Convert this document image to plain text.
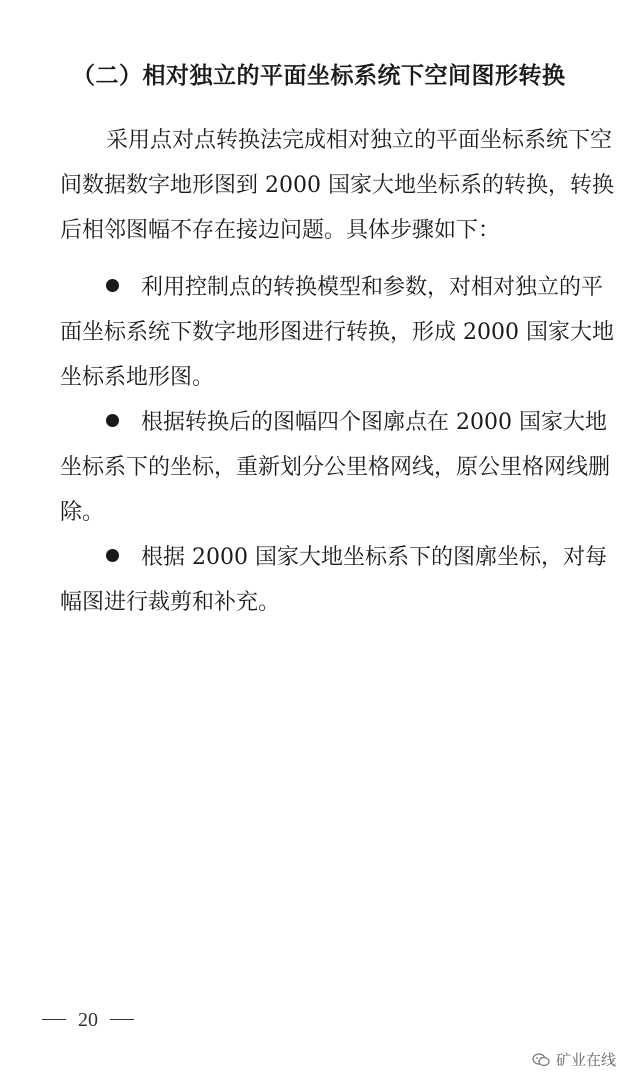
（二）相对独立的平面坐标系统下空间图形转换
采用点对点转换法完成相对独立的平面坐标系统下空间数据数字地形图到 2000 国家大地坐标系的转换，转换后相邻图幅不存在接边问题。具体步骤如下：
利用控制点的转换模型和参数，对相对独立的平面坐标系统下数字地形图进行转换，形成 2000 国家大地坐标系地形图。
根据转换后的图幅四个图廓点在 2000 国家大地坐标系下的坐标，重新划分公里格网线，原公里格网线删除。
根据 2000 国家大地坐标系下的图廓坐标，对每幅图进行裁剪和补充。
20
矿业在线
